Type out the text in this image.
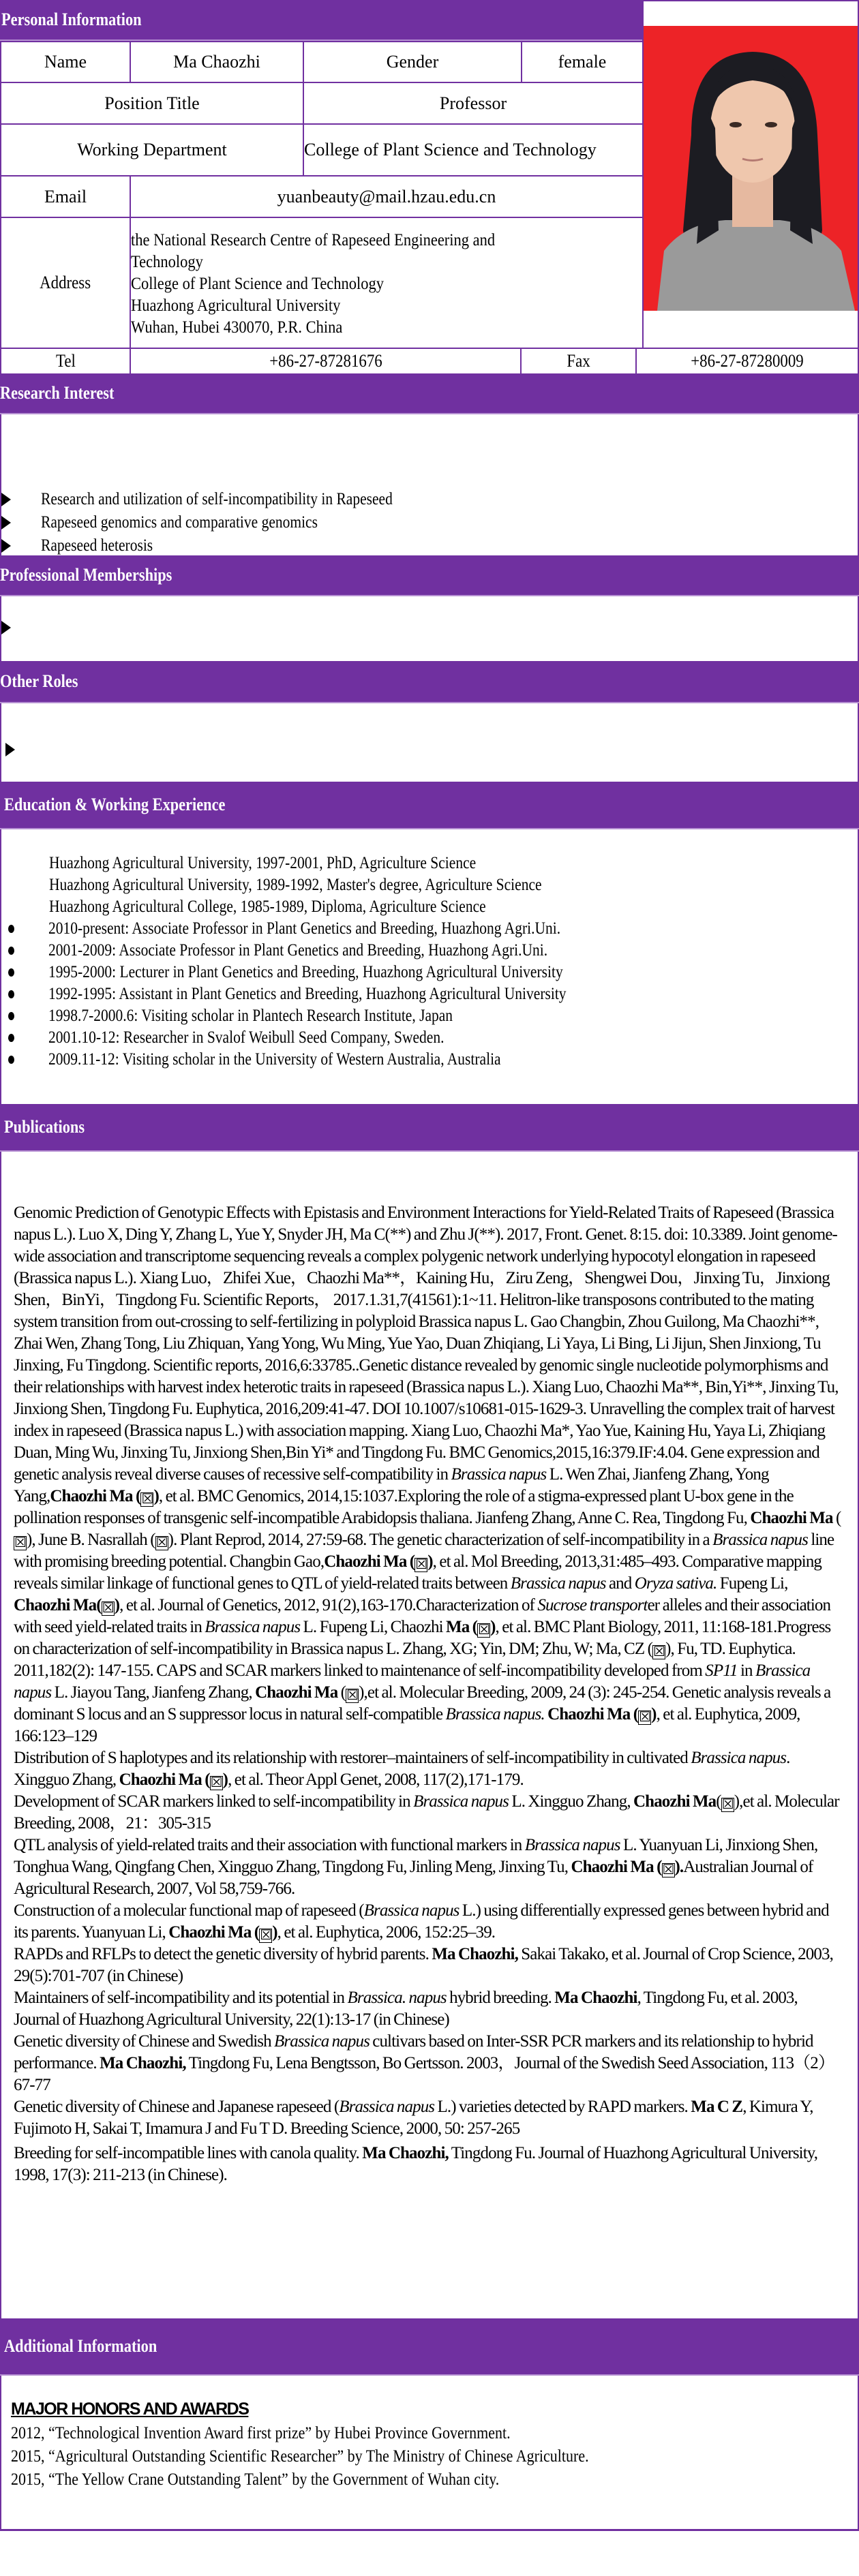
Personal Information
Name	Ma Chaozhi	Gender	female
Position Title	Professor
Working Department	College of Plant Science and Technology
Email	yuanbeauty@mail.hzau.edu.cn
Address
the National Research Centre of Rapeseed Engineering and
Technology
College of Plant Science and Technology
Huazhong Agricultural University
Wuhan, Hubei 430070, P.R. China
Tel	+86-27-87281676	Fax	+86-27-87280009
Research Interest
Research and utilization of self-incompatibility in Rapeseed
Rapeseed genomics and comparative genomics
Rapeseed heterosis
Professional Memberships
Other Roles
Education & Working Experience
Huazhong Agricultural University, 1997-2001, PhD, Agriculture Science
Huazhong Agricultural University, 1989-1992, Master's degree, Agriculture Science
Huazhong Agricultural College, 1985-1989, Diploma, Agriculture Science
2010-present: Associate Professor in Plant Genetics and Breeding, Huazhong Agri.Uni.
2001-2009: Associate Professor in Plant Genetics and Breeding, Huazhong Agri.Uni.
1995-2000: Lecturer in Plant Genetics and Breeding, Huazhong Agricultural University
1992-1995: Assistant in Plant Genetics and Breeding, Huazhong Agricultural University
1998.7-2000.6: Visiting scholar in Plantech Research Institute, Japan
2001.10-12: Researcher in Svalof Weibull Seed Company, Sweden.
2009.11-12: Visiting scholar in the University of Western Australia, Australia
Publications

Genomic Prediction of Genotypic Effects with Epistasis and Environment Interactions for Yield-Related Traits of Rapeseed (Brassica napus L.). Luo X, Ding Y, Zhang L, Yue Y, Snyder JH, Ma C(**) and Zhu J(**). 2017, Front. Genet. 8:15. doi: 10.3389. Joint genome-wide association and transcriptome sequencing reveals a complex polygenic network underlying hypocotyl elongation in rapeseed (Brassica napus L.). Xiang Luo，Zhifei Xue，Chaozhi Ma**，Kaining Hu，Ziru Zeng，Shengwei Dou，Jinxing Tu，Jinxiong Shen，BinYi，Tingdong Fu. Scientific Reports， 2017.1.31,7(41561):1~11. Helitron-like transposons contributed to the mating system transition from out-crossing to self-fertilizing in polyploid Brassica napus L. Gao Changbin, Zhou Guilong, Ma Chaozhi**, Zhai Wen, Zhang Tong, Liu Zhiquan, Yang Yong, Wu Ming, Yue Yao, Duan Zhiqiang, Li Yaya, Li Bing, Li Jijun, Shen Jinxiong, Tu Jinxing, Fu Tingdong. Scientific reports, 2016,6:33785..Genetic distance revealed by genomic single nucleotide polymorphisms and their relationships with harvest index heterotic traits in rapeseed (Brassica napus L.). Xiang Luo, Chaozhi Ma**, Bin,Yi**, Jinxing Tu, Jinxiong Shen, Tingdong Fu. Euphytica, 2016,209:41-47. DOI 10.1007/s10681-015-1629-3. Unravelling the complex trait of harvest index in rapeseed (Brassica napus L.) with association mapping. Xiang Luo, Chaozhi Ma*, Yao Yue, Kaining Hu, Yaya Li, Zhiqiang Duan, Ming Wu, Jinxing Tu, Jinxiong Shen,Bin Yi* and Tingdong Fu. BMC Genomics,2015,16:379.IF:4.04. Gene expression and genetic analysis reveal diverse causes of recessive self-compatibility in Brassica napus L. Wen Zhai, Jianfeng Zhang, Yong Yang,Chaozhi Ma (☒), et al. BMC Genomics, 2014,15:1037.Exploring the role of a stigma-expressed plant U-box gene in the pollination responses of transgenic self-incompatible Arabidopsis thaliana. Jianfeng Zhang, Anne C. Rea, Tingdong Fu, Chaozhi Ma (☒), June B. Nasrallah (☒). Plant Reprod, 2014, 27:59-68. The genetic characterization of self-incompatibility in a Brassica napus line with promising breeding potential. Changbin Gao,Chaozhi Ma (☒), et al. Mol Breeding, 2013,31:485–493. Comparative mapping reveals similar linkage of functional genes to QTL of yield-related traits between Brassica napus and Oryza sativa. Fupeng Li, Chaozhi Ma(☒), et al. Journal of Genetics, 2012, 91(2),163-170.Characterization of Sucrose transporter alleles and their association with seed yield-related traits in Brassica napus L. Fupeng Li, Chaozhi Ma (☒), et al. BMC Plant Biology, 2011, 11:168-181.Progress on characterization of self-incompatibility in Brassica napus L. Zhang, XG; Yin, DM; Zhu, W; Ma, CZ (☒), Fu, TD. Euphytica. 2011,182(2): 147-155. CAPS and SCAR markers linked to maintenance of self-incompatibility developed from SP11 in Brassica napus L. Jiayou Tang, Jianfeng Zhang, Chaozhi Ma (☒),et al. Molecular Breeding, 2009, 24 (3): 245-254. Genetic analysis reveals a dominant S locus and an S suppressor locus in natural self-compatible Brassica napus. Chaozhi Ma (☒), et al. Euphytica, 2009, 166:123–129

Distribution of S haplotypes and its relationship with restorer–maintainers of self-incompatibility in cultivated Brassica napus. Xingguo Zhang, Chaozhi Ma (☒), et al. Theor Appl Genet, 2008, 117(2),171-179.

Development of SCAR markers linked to self-incompatibility in Brassica napus L. Xingguo Zhang, Chaozhi Ma(☒),et al. Molecular Breeding, 2008，21：305-315

QTL analysis of yield-related traits and their association with functional markers in Brassica napus L. Yuanyuan Li, Jinxiong Shen, Tonghua Wang, Qingfang Chen, Xingguo Zhang, Tingdong Fu, Jinling Meng, Jinxing Tu, Chaozhi Ma (☒).Australian Journal of Agricultural Research, 2007, Vol 58,759-766.

Construction of a molecular functional map of rapeseed (Brassica napus L.) using differentially expressed genes between hybrid and its parents. Yuanyuan Li, Chaozhi Ma (☒), et al. Euphytica, 2006, 152:25–39.

RAPDs and RFLPs to detect the genetic diversity of hybrid parents. Ma Chaozhi, Sakai Takako, et al. Journal of Crop Science, 2003, 29(5):701-707 (in Chinese)

Maintainers of self-incompatibility and its potential in Brassica. napus hybrid breeding. Ma Chaozhi, Tingdong Fu, et al. 2003, Journal of Huazhong Agricultural University, 22(1):13-17 (in Chinese)

Genetic diversity of Chinese and Swedish Brassica napus cultivars based on Inter-SSR PCR markers and its relationship to hybrid performance. Ma Chaozhi, Tingdong Fu, Lena Bengtsson, Bo Gertsson. 2003，Journal of the Swedish Seed Association, 113（2）67-77

Genetic diversity of Chinese and Japanese rapeseed (Brassica napus L.) varieties detected by RAPD markers. Ma C Z, Kimura Y, Fujimoto H, Sakai T, Imamura J and Fu T D. Breeding Science, 2000, 50: 257-265

Breeding for self-incompatible lines with canola quality. Ma Chaozhi, Tingdong Fu. Journal of Huazhong Agricultural University, 1998, 17(3): 211-213 (in Chinese).

Additional Information
MAJOR HONORS AND AWARDS
2012, “Technological Invention Award first prize” by Hubei Province Government.
2015, “Agricultural Outstanding Scientific Researcher” by The Ministry of Chinese Agriculture.
2015, “The Yellow Crane Outstanding Talent” by the Government of Wuhan city.
